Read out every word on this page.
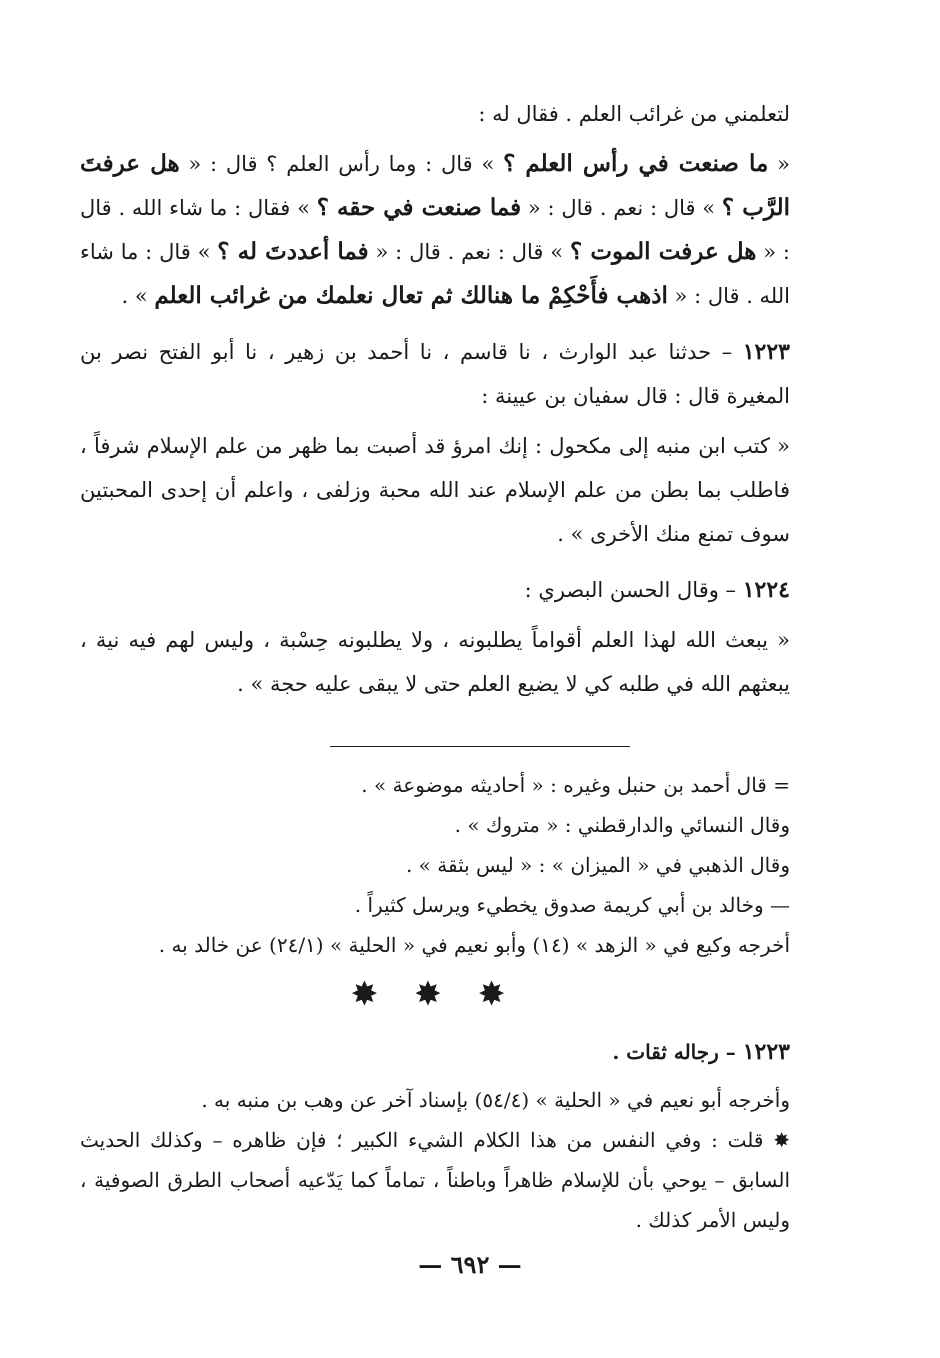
لتعلمني من غرائب العلم . فقال له :

« ما صنعت في رأس العلم ؟ » قال : وما رأس العلم ؟ قال : « هل عرفتَ الرَّب ؟ » قال : نعم . قال : « فما صنعت في حقه ؟ » فقال : ما شاء الله . قال : « هل عرفت الموت ؟ » قال : نعم . قال : « فما أعددتَ له ؟ » قال : ما شاء الله . قال : « اذهب فأَحْكِمْ ما هنالك ثم تعال نعلمك من غرائب العلم » .

١٢٢٣ – حدثنا عبد الوارث ، نا قاسم ، نا أحمد بن زهير ، نا أبو الفتح نصر بن المغيرة قال : قال سفيان بن عيينة :

« كتب ابن منبه إلى مكحول : إنك امرؤ قد أصبت بما ظهر من علم الإسلام شرفاً ، فاطلب بما بطن من علم الإسلام عند الله محبة وزلفى ، واعلم أن إحدى المحبتين سوف تمنع منك الأخرى » .

١٢٢٤ – وقال الحسن البصري :

« يبعث الله لهذا العلم أقواماً يطلبونه ، ولا يطلبونه حِسْبة ، وليس لهم فيه نية ، يبعثهم الله في طلبه كي لا يضيع العلم حتى لا يبقى عليه حجة » .

= قال أحمد بن حنبل وغيره : « أحاديثه موضوعة » .
وقال النسائي والدارقطني : « متروك » .
وقال الذهبي في « الميزان » : « ليس بثقة » .
— وخالد بن أبي كريمة صدوق يخطيء ويرسل كثيراً .
أخرجه وكيع في « الزهد » (١٤) وأبو نعيم في « الحلية » (٢٤/١) عن خالد به .
✸ ✸ ✸
١٢٢٣ – رجاله ثقات .
وأخرجه أبو نعيم في « الحلية » (٥٤/٤) بإسناد آخر عن وهب بن منبه به .
✸ قلت : وفي النفس من هذا الكلام الشيء الكبير ؛ فإن ظاهره – وكذلك الحديث السابق – يوحي بأن للإسلام ظاهراً وباطناً ، تماماً كما يَدّعيه أصحاب الطرق الصوفية ، وليس الأمر كذلك .
— ٦٩٢ —
